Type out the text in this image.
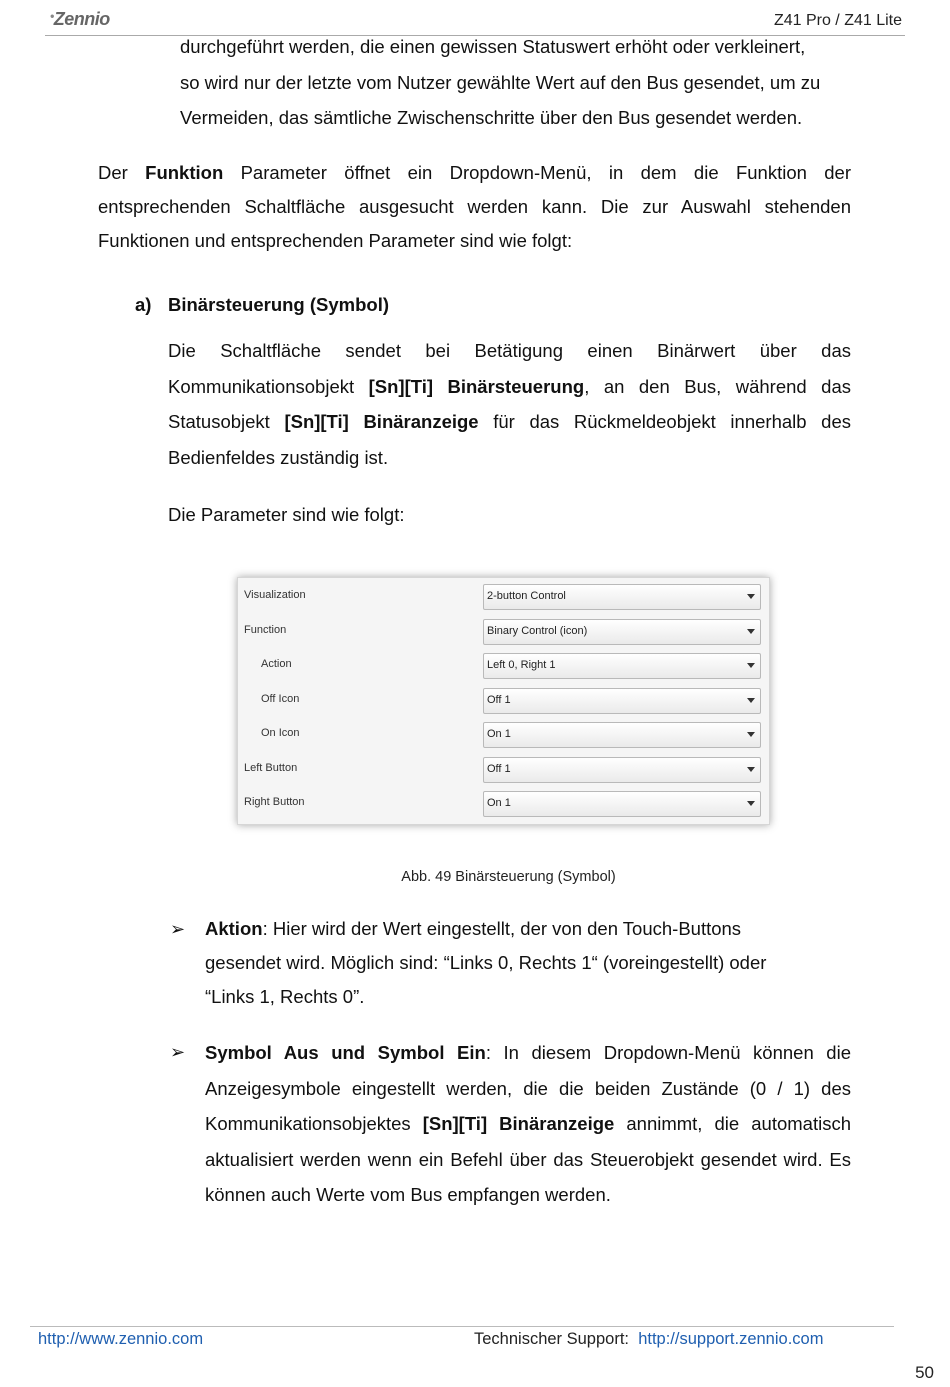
•Zennio	Z41 Pro / Z41 Lite
durchgeführt werden, die einen gewissen Statuswert erhöht oder verkleinert,
so wird nur der letzte vom Nutzer gewählte Wert auf den Bus gesendet, um zu
Vermeiden, das sämtliche Zwischenschritte über den Bus gesendet werden.

Der Funktion Parameter öffnet ein Dropdown-Menü, in dem die Funktion der entsprechenden Schaltfläche ausgesucht werden kann. Die zur Auswahl stehenden Funktionen und entsprechenden Parameter sind wie folgt:

a) Binärsteuerung (Symbol)

Die Schaltfläche sendet bei Betätigung einen Binärwert über das Kommunikationsobjekt [Sn][Ti] Binärsteuerung, an den Bus, während das Statusobjekt [Sn][Ti] Binäranzeige für das Rückmeldeobjekt innerhalb des Bedienfeldes zuständig ist.

Die Parameter sind wie folgt:
Visualization	2-button Control
Function	Binary Control (icon)
Action	Left 0, Right 1
Off Icon	Off 1
On Icon	On 1
Left Button	Off 1
Right Button	On 1
Abb. 49 Binärsteuerung (Symbol)
➢ Aktion: Hier wird der Wert eingestellt, der von den Touch-Buttons gesendet wird. Möglich sind: “Links 0, Rechts 1“ (voreingestellt) oder “Links 1, Rechts 0”.

➢ Symbol Aus und Symbol Ein: In diesem Dropdown-Menü können die Anzeigesymbole eingestellt werden, die die beiden Zustände (0 / 1) des Kommunikationsobjektes [Sn][Ti] Binäranzeige annimmt, die automatisch aktualisiert werden wenn ein Befehl über das Steuerobjekt gesendet wird. Es können auch Werte vom Bus empfangen werden.

http://www.zennio.com	Technischer Support: http://support.zennio.com
50
